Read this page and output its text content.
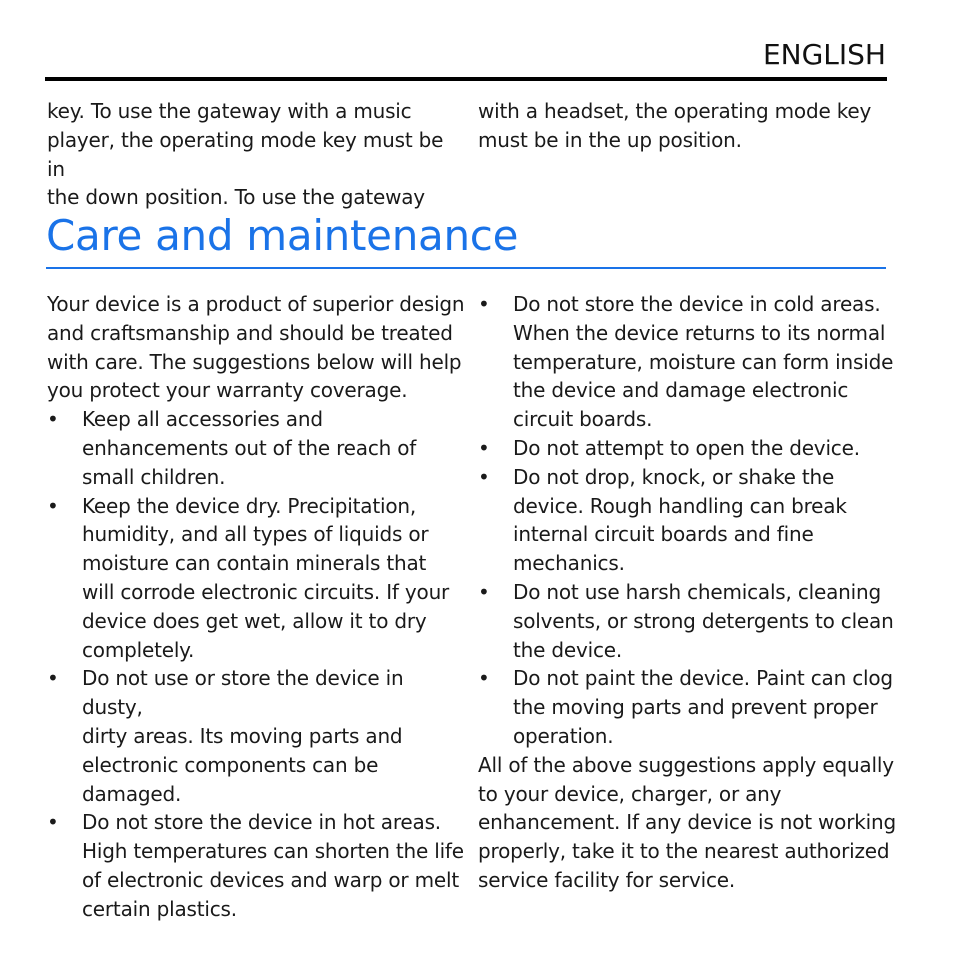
ENGLISH
key. To use the gateway with a music
player, the operating mode key must be in
the down position. To use the gateway
with a headset, the operating mode key
must be in the up position.
Care and maintenance

Your device is a product of superior design
and craftsmanship and should be treated
with care. The suggestions below will help
you protect your warranty coverage.

• Keep all accessories and
enhancements out of the reach of
small children.
• Keep the device dry. Precipitation,
humidity, and all types of liquids or
moisture can contain minerals that
will corrode electronic circuits. If your
device does get wet, allow it to dry
completely.
• Do not use or store the device in dusty,
dirty areas. Its moving parts and
electronic components can be
damaged.
• Do not store the device in hot areas.
High temperatures can shorten the life
of electronic devices and warp or melt
certain plastics.
• Do not store the device in cold areas.
When the device returns to its normal
temperature, moisture can form inside
the device and damage electronic
circuit boards.
• Do not attempt to open the device.
• Do not drop, knock, or shake the
device. Rough handling can break
internal circuit boards and fine
mechanics.
• Do not use harsh chemicals, cleaning
solvents, or strong detergents to clean
the device.
• Do not paint the device. Paint can clog
the moving parts and prevent proper
operation.

All of the above suggestions apply equally
to your device, charger, or any
enhancement. If any device is not working
properly, take it to the nearest authorized
service facility for service.
